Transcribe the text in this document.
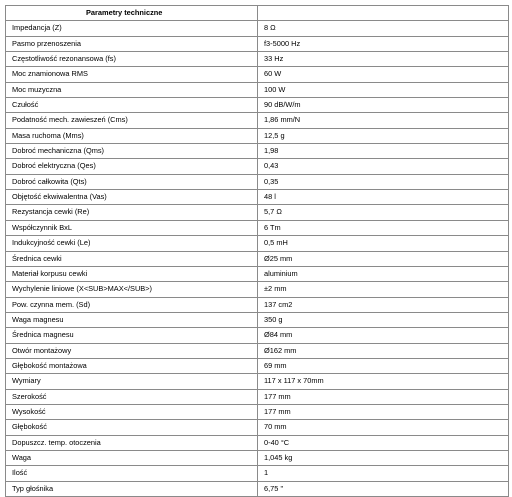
Parametry techniczne	
Impedancja (Z)	8 Ω
Pasmo przenoszenia	f3-5000 Hz
Częstotliwość rezonansowa (fs)	33 Hz
Moc znamionowa RMS	60 W
Moc muzyczna	100 W
Czułość	90 dB/W/m
Podatność mech. zawieszeń (Cms)	1,86 mm/N
Masa ruchoma (Mms)	12,5 g
Dobroć mechaniczna (Qms)	1,98
Dobroć elektryczna (Qes)	0,43
Dobroć całkowita (Qts)	0,35
Objętość ekwiwalentna (Vas)	48 l
Rezystancja cewki (Re)	5,7 Ω
Współczynnik BxL	6 Tm
Indukcyjność cewki (Le)	0,5 mH
Średnica cewki	Ø25 mm
Materiał korpusu cewki	aluminium
Wychylenie liniowe (X<SUB>MAX</SUB>)	±2 mm
Pow. czynna mem. (Sd)	137 cm2
Waga magnesu	350 g
Średnica magnesu	Ø84 mm
Otwór montażowy	Ø162 mm
Głębokość montażowa	69 mm
Wymiary	117 x 117 x 70mm
Szerokość	177 mm
Wysokość	177 mm
Głębokość	70 mm
Dopuszcz. temp. otoczenia	0-40 °C
Waga	1,045 kg
Ilość	1
Typ głośnika	6,75 "
